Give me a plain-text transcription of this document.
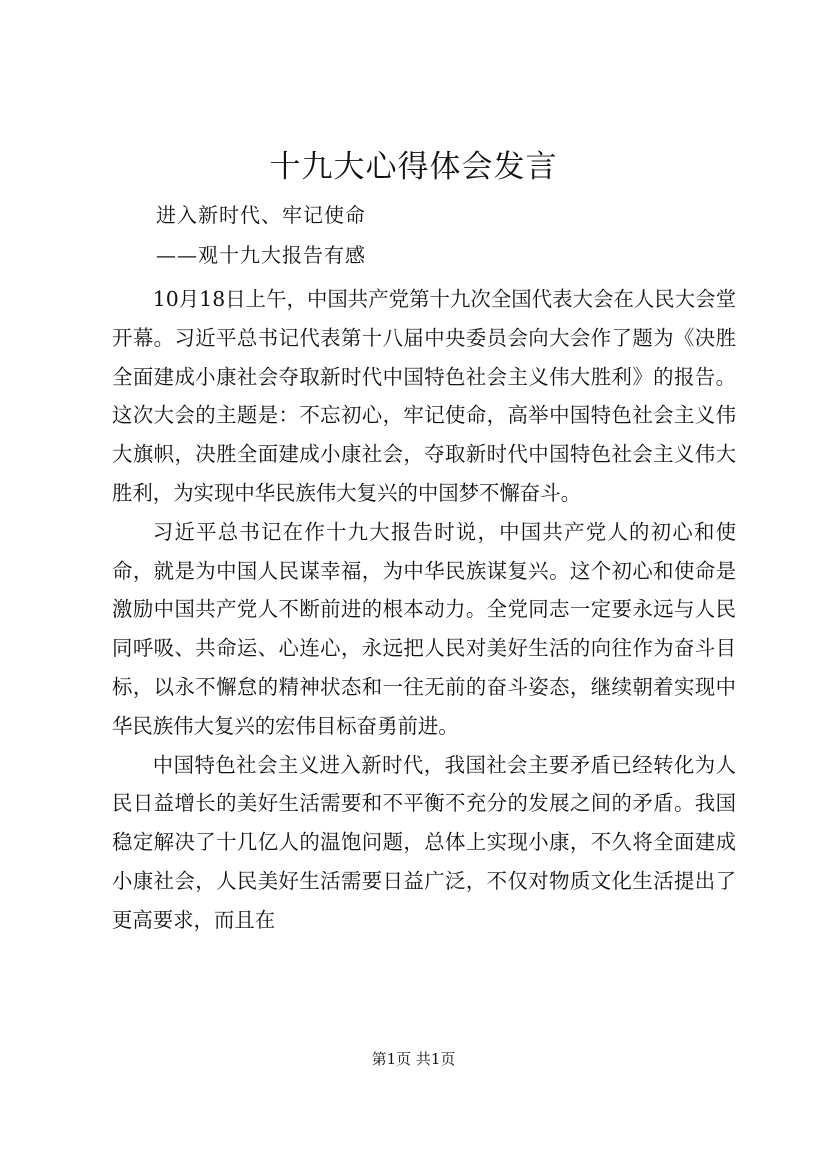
十九大心得体会发言
进入新时代、牢记使命
——观十九大报告有感

10月18日上午，中国共产党第十九次全国代表大会在人民大会堂开幕。习近平总书记代表第十八届中央委员会向大会作了题为《决胜全面建成小康社会夺取新时代中国特色社会主义伟大胜利》的报告。这次大会的主题是：不忘初心，牢记使命，高举中国特色社会主义伟大旗帜，决胜全面建成小康社会，夺取新时代中国特色社会主义伟大胜利，为实现中华民族伟大复兴的中国梦不懈奋斗。

习近平总书记在作十九大报告时说，中国共产党人的初心和使命，就是为中国人民谋幸福，为中华民族谋复兴。这个初心和使命是激励中国共产党人不断前进的根本动力。全党同志一定要永远与人民同呼吸、共命运、心连心，永远把人民对美好生活的向往作为奋斗目标，以永不懈怠的精神状态和一往无前的奋斗姿态，继续朝着实现中华民族伟大复兴的宏伟目标奋勇前进。

中国特色社会主义进入新时代，我国社会主要矛盾已经转化为人民日益增长的美好生活需要和不平衡不充分的发展之间的矛盾。我国稳定解决了十几亿人的温饱问题，总体上实现小康，不久将全面建成小康社会，人民美好生活需要日益广泛，不仅对物质文化生活提出了更高要求，而且在

第1页 共1页
